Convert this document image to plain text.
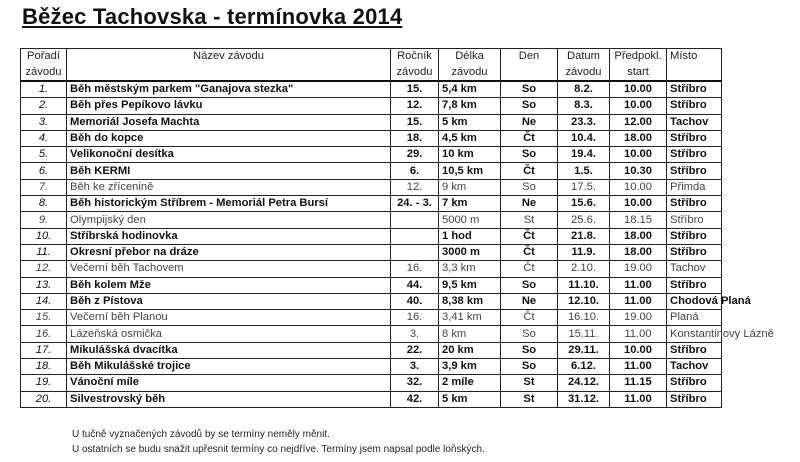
Běžec Tachovska - termínovka 2014
Pořadí	Název závodu	Ročník	Délka	Den	Datum	Předpokl.	Místo
závodu		závodu	závodu		závodu	start	
1.	Běh městským parkem "Ganajova stezka"	15.	5,4 km	So	8.2.	10.00	Stříbro
2.	Běh přes Pepíkovo lávku	12.	7,8 km	So	8.3.	10.00	Stříbro
3.	Memoriál Josefa Machta	15.	5 km	Ne	23.3.	12.00	Tachov
4.	Běh do kopce	18.	4,5 km	Čt	10.4.	18.00	Stříbro
5.	Velikonoční desítka	29.	10 km	So	19.4.	10.00	Stříbro
6.	Běh KERMI	6.	10,5 km	Čt	1.5.	10.30	Stříbro
7.	Běh ke zřícenině	12.	9 km	So	17.5.	10.00	Přimda
8.	Běh historickým Stříbrem - Memoriál Petra Bursí	24. - 3.	7 km	Ne	15.6.	10.00	Stříbro
9.	Olympijský den		5000 m	St	25.6.	18.15	Stříbro
10.	Stříbrská hodinovka		1 hod	Čt	21.8.	18.00	Stříbro
11.	Okresní přebor na dráze		3000 m	Čt	11.9.	18.00	Stříbro
12.	Večerní běh Tachovem	16.	3,3 km	Čt	2.10.	19.00	Tachov
13.	Běh kolem Mže	44.	9,5 km	So	11.10.	11.00	Stříbro
14.	Běh z Pístova	40.	8,38 km	Ne	12.10.	11.00	Chodová Planá
15.	Večerní běh Planou	16.	3,41 km	Čt	16.10.	19.00	Planá
16.	Lázeňská osmička	3.	8 km	So	15.11.	11.00	Konstantinovy Lázně
17.	Mikulášská dvacítka	22.	20 km	So	29.11.	10.00	Stříbro
18.	Běh Mikulášské trojice	3.	3,9 km	So	6.12.	11.00	Tachov
19.	Vánoční míle	32.	2 míle	St	24.12.	11.15	Stříbro
20.	Silvestrovský běh	42.	5 km	St	31.12.	11.00	Stříbro
U tučně vyznačených závodů by se termíny neměly měnit.
U ostatních se budu snažit upřesnit termíny co nejdříve. Termíny jsem napsal podle loňských.
